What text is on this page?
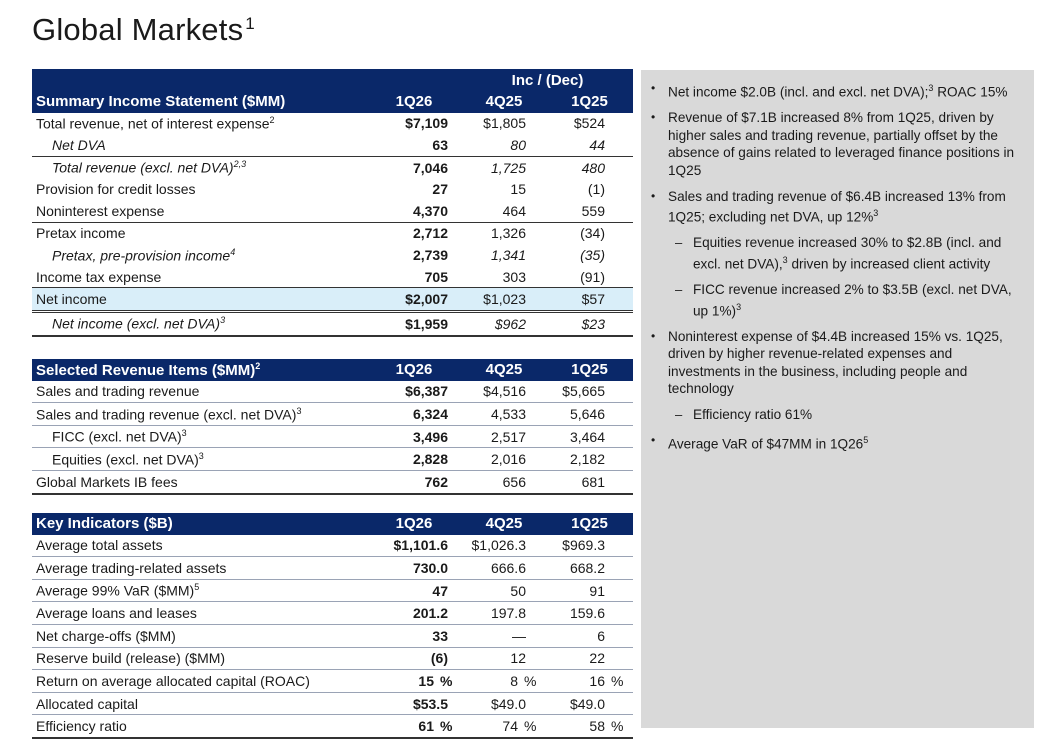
Global Markets $^1$
		Inc / (Dec)	
Summary Income Statement ($MM)	1Q26	4Q25	1Q25
Total revenue, net of interest expense$^2$	$7,109	$1,805	$524
Net DVA	63	80	44
Total revenue (excl. net DVA)$^{2,3}$	7,046	1,725	480
Provision for credit losses	27	15	(1)
Noninterest expense	4,370	464	559
Pretax income	2,712	1,326	(34)
Pretax, pre-provision income$^4$	2,739	1,341	(35)
Income tax expense	705	303	(91)
Net income	$2,007	$1,023	$57
Net income (excl. net DVA)$^3$	$1,959	$962	$23
Selected Revenue Items ($MM)$^2$	1Q26	4Q25	1Q25
Sales and trading revenue	$6,387	$4,516	$5,665
Sales and trading revenue (excl. net DVA)$^3$	6,324	4,533	5,646
FICC (excl. net DVA)$^3$	3,496	2,517	3,464
Equities (excl. net DVA)$^3$	2,828	2,016	2,182
Global Markets IB fees	762	656	681
Key Indicators ($B)	1Q26	4Q25	1Q25
Average total assets	$1,101.6	$1,026.3	$969.3
Average trading-related assets	730.0	666.6	668.2
Average 99% VaR ($MM)$^5$	47	50	91
Average loans and leases	201.2	197.8	159.6
Net charge-offs ($MM)	33	—	6
Reserve build (release) ($MM)	(6)	12	22
Return on average allocated capital (ROAC)	15 %	8 %	16 %
Allocated capital	$53.5	$49.0	$49.0
Efficiency ratio	61 %	74 %	58 %
• Net income $2.0B (incl. and excl. net DVA);$^3$ ROAC 15%
• Revenue of $7.1B increased 8% from 1Q25, driven by higher sales and trading revenue, partially offset by the absence of gains related to leveraged finance positions in 1Q25
• Sales and trading revenue of $6.4B increased 13% from 1Q25; excluding net DVA, up 12%$^3$
– Equities revenue increased 30% to $2.8B (incl. and excl. net DVA),$^3$ driven by increased client activity
– FICC revenue increased 2% to $3.5B (excl. net DVA, up 1%)$^3$
• Noninterest expense of $4.4B increased 15% vs. 1Q25, driven by higher revenue-related expenses and investments in the business, including people and technology
– Efficiency ratio 61%
• Average VaR of $47MM in $1Q26^5$
